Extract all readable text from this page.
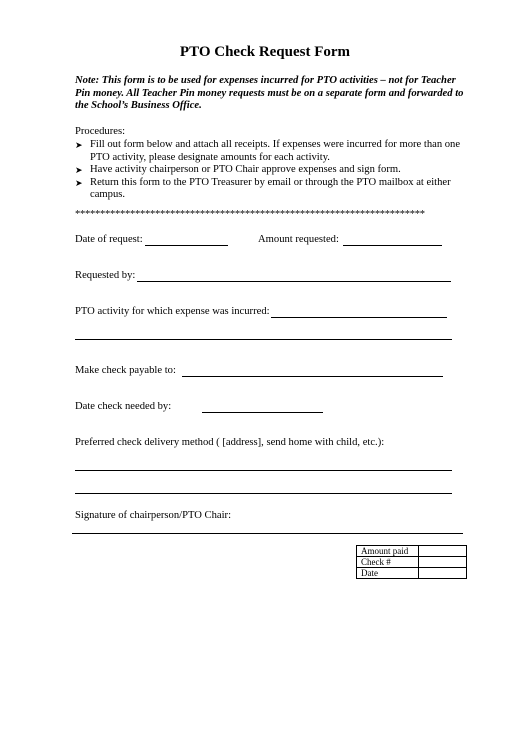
PTO Check Request Form
Note: This form is to be used for expenses incurred for PTO activities – not for Teacher Pin money. All Teacher Pin money requests must be on a separate form and forwarded to the School’s Business Office.
Procedures:
➤ Fill out form below and attach all receipts. If expenses were incurred for more than one PTO activity, please designate amounts for each activity.
➤ Have activity chairperson or PTO Chair approve expenses and sign form.
➤ Return this form to the PTO Treasurer by email or through the PTO mailbox at either campus.
**********************************************************************
Date of request:	Amount requested:
Requested by:
PTO activity for which expense was incurred:
Make check payable to:
Date check needed by:
Preferred check delivery method ( [address], send home with child, etc.):
Signature of chairperson/PTO Chair:
Amount paid	
Check #	
Date	
